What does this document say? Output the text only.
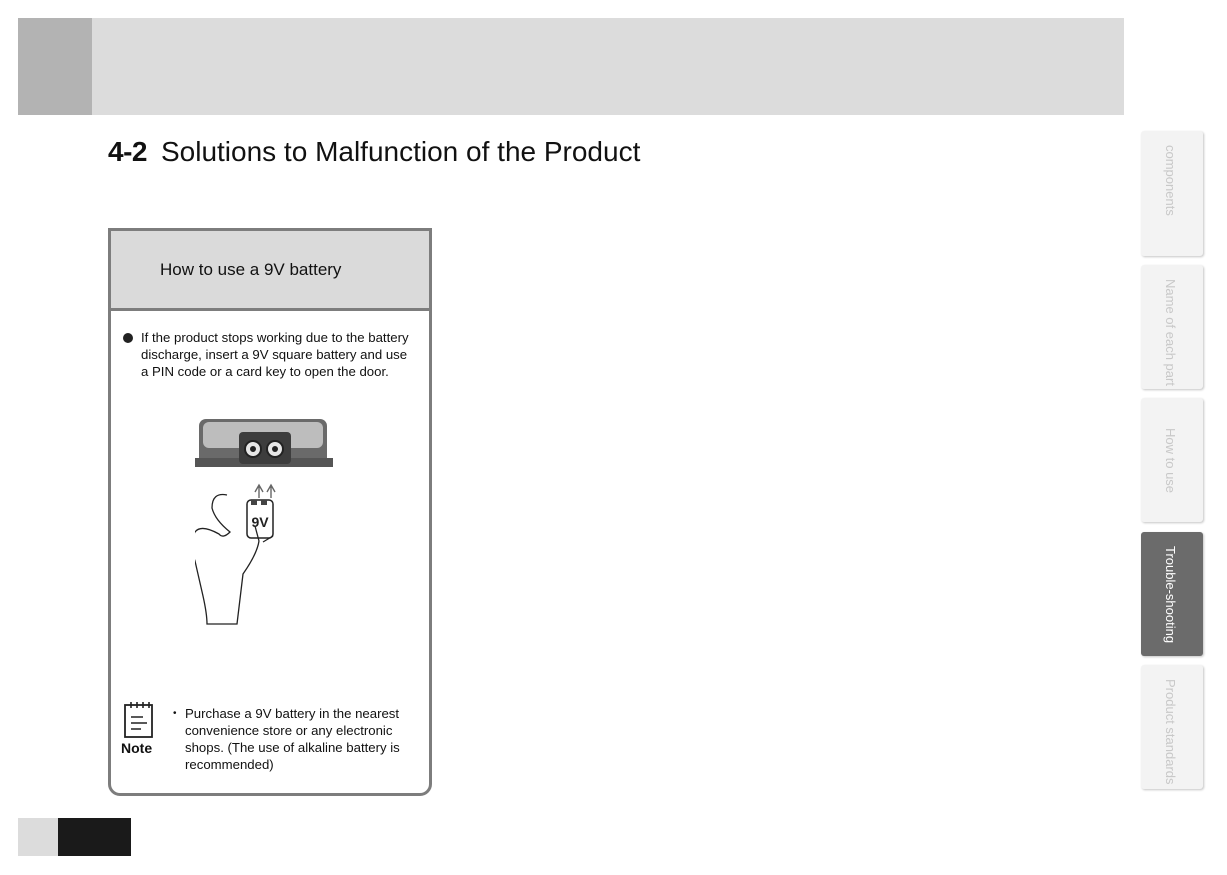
4-2 Solutions to Malfunction of the Product
How to use a 9V battery
If the product stops working due to the battery discharge, insert a 9V square battery and use a PIN code or a card key to open the door.
9V
Note
• Purchase a 9V battery in the nearest convenience store or any electronic shops. (The use of alkaline battery is recommended)
components
Name of each part
How to use
Trouble-shooting
Product standards
